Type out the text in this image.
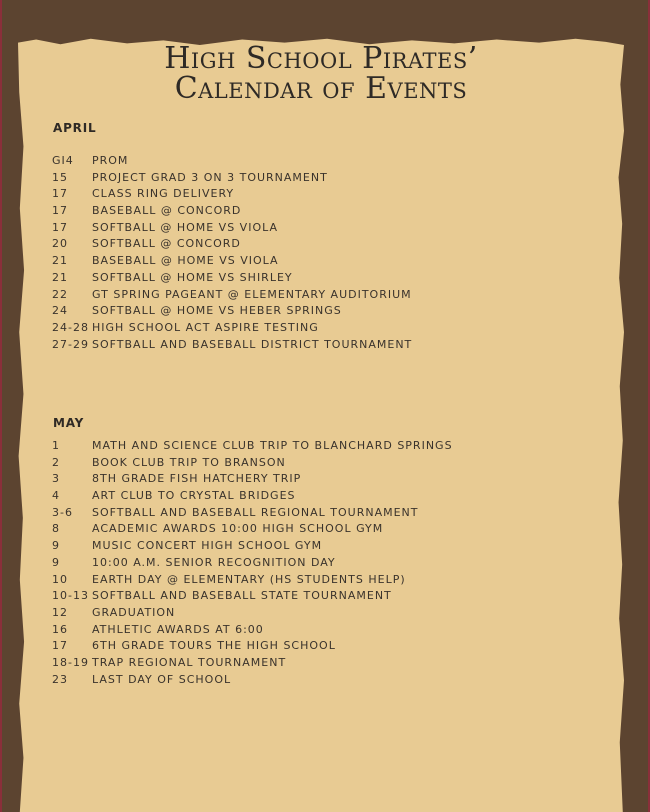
High School Pirates’
Calendar of Events
APRIL
GI4 PROM
15 PROJECT GRAD 3 ON 3 TOURNAMENT
17 CLASS RING DELIVERY
17 BASEBALL @ CONCORD
17 SOFTBALL @ HOME VS VIOLA
20 SOFTBALL @ CONCORD
21 BASEBALL @ HOME VS VIOLA
21 SOFTBALL @ HOME VS SHIRLEY
22 GT SPRING PAGEANT @ ELEMENTARY AUDITORIUM
24 SOFTBALL @ HOME VS HEBER SPRINGS
24-28 HIGH SCHOOL ACT ASPIRE TESTING
27-29 SOFTBALL AND BASEBALL DISTRICT TOURNAMENT
MAY
1	MATH AND SCIENCE CLUB TRIP TO BLANCHARD SPRINGS
2	BOOK CLUB TRIP TO BRANSON
3	8TH GRADE FISH HATCHERY TRIP
4	ART CLUB TO CRYSTAL BRIDGES
3-6 SOFTBALL AND BASEBALL REGIONAL TOURNAMENT
8	ACADEMIC AWARDS 10:00 HIGH SCHOOL GYM
9	MUSIC CONCERT HIGH SCHOOL GYM
9	10:00 A.M. SENIOR RECOGNITION DAY
10 EARTH DAY @ ELEMENTARY (HS STUDENTS HELP)
10-13 SOFTBALL AND BASEBALL STATE TOURNAMENT
12 GRADUATION
16 ATHLETIC AWARDS AT 6:00
17 6TH GRADE TOURS THE HIGH SCHOOL
18-19 TRAP REGIONAL TOURNAMENT
23 LAST DAY OF SCHOOL
